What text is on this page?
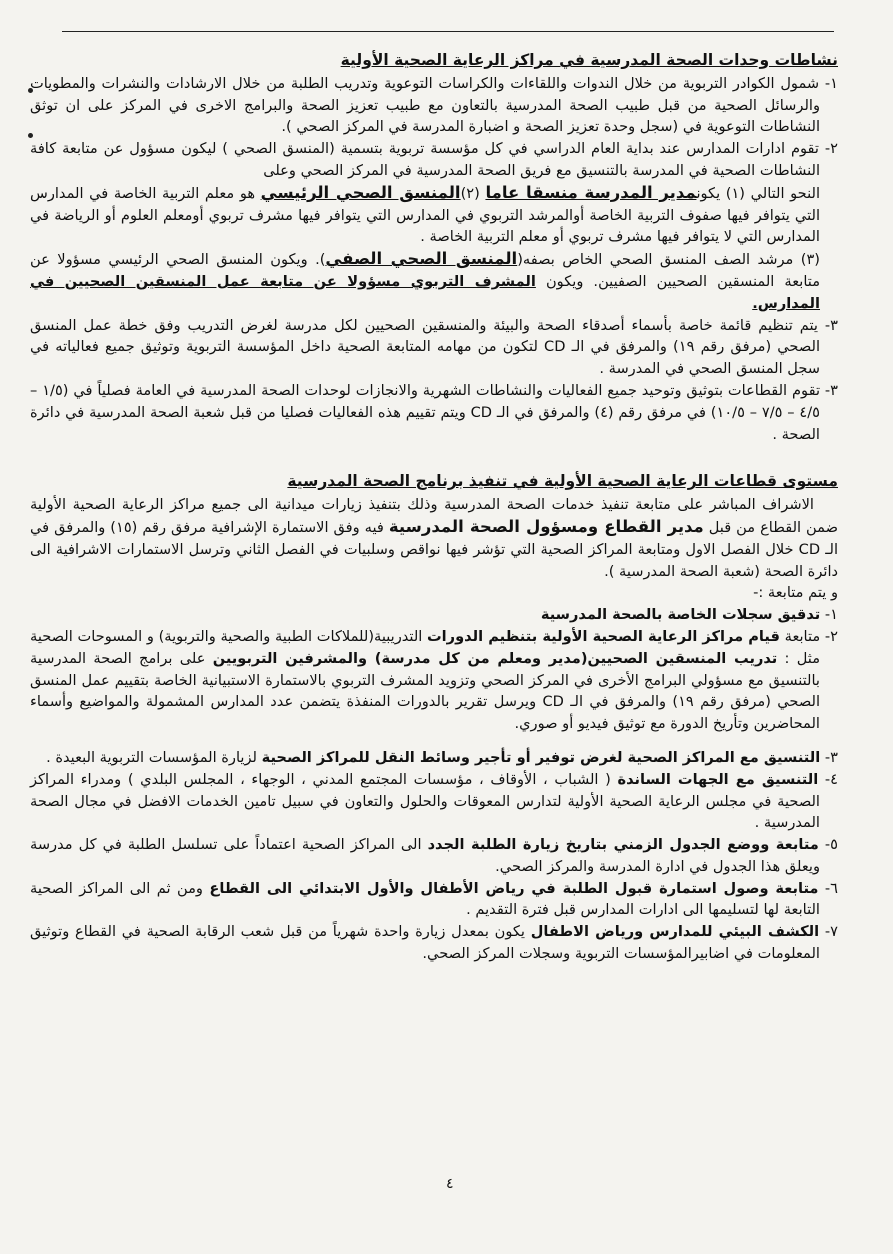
نشاطات وحدات الصحة المدرسية في مراكز الرعاية الصحية الأولية

١- شمول الكوادر التربوية من خلال الندوات واللقاءات والكراسات التوعوية وتدريب الطلبة من خلال الارشادات والنشرات والمطويات والرسائل الصحية من قبل طبيب الصحة المدرسية بالتعاون مع طبيب تعزيز الصحة والبرامج الاخرى في المركز على ان توثق النشاطات التوعوية في (سجل وحدة تعزيز الصحة و اضبارة المدرسة في المركز الصحي ).

٢- تقوم ادارات المدارس عند بداية العام الدراسي في كل مؤسسة تربوية بتسمية (المنسق الصحي ) ليكون مسؤول عن متابعة كافة النشاطات الصحية في المدرسة بالتنسيق مع فريق الصحة المدرسية في المركز الصحي وعلى

النحو التالي (١) يكونمدير المدرسة منسقا عاما (٢)المنسق الصحي الرئيسي هو معلم التربية الخاصة في المدارس التي يتوافر فيها صفوف التربية الخاصة أوالمرشد التربوي في المدارس التي يتوافر فيها مشرف تربوي أومعلم العلوم أو الرياضة في المدارس التي لا يتوافر فيها مشرف تربوي أو معلم التربية الخاصة .

(٣) مرشد الصف المنسق الصحي الخاص بصفه(المنسق الصحي الصفي). ويكون المنسق الصحي الرئيسي مسؤولا عن متابعة المنسقين الصحيين الصفيين. ويكون المشرف التربوي مسؤولا عن متابعة عمل المنسقين الصحيين في المدارس.

٣- يتم تنظيم قائمة خاصة بأسماء أصدقاء الصحة والبيئة والمنسقين الصحيين لكل مدرسة لغرض التدريب وفق خطة عمل المنسق الصحي (مرفق رقم ١٩) والمرفق في الـ CD لتكون من مهامه المتابعة الصحية داخل المؤسسة التربوية وتوثيق جميع فعالياته في سجل المنسق الصحي في المدرسة .

٣- تقوم القطاعات بتوثيق وتوحيد جميع الفعاليات والنشاطات الشهرية والانجازات لوحدات الصحة المدرسية في العامة فصلياً في (١/٥ – ٤/٥ – ٧/٥ – ١٠/٥) في مرفق رقم (٤) والمرفق في الـ CD ويتم تقييم هذه الفعاليات فصليا من قبل شعبة الصحة المدرسية في دائرة الصحة .

مستوى قطاعات الرعاية الصحية الأولية في تنفيذ برنامج الصحة المدرسية

الاشراف المباشر على متابعة تنفيذ خدمات الصحة المدرسية وذلك بتنفيذ زيارات ميدانية الى جميع مراكز الرعاية الصحية الأولية ضمن القطاع من قبل مدير القطاع ومسؤول الصحة المدرسية فيه وفق الاستمارة الإشرافية مرفق رقم (١٥) والمرفق في الـ CD خلال الفصل الاول ومتابعة المراكز الصحية التي تؤشر فيها نواقص وسلبيات في الفصل الثاني وترسل الاستمارات الاشرافية الى دائرة الصحة (شعبة الصحة المدرسية ).

و يتم متابعة :-

١- تدقيق سجلات الخاصة بالصحة المدرسية

٢- متابعة قيام مراكز الرعاية الصحية الأولية بتنظيم الدورات التدريبية(للملاكات الطبية والصحية والتربوية) و المسوحات الصحية مثل : تدريب المنسقين الصحيين(مدير ومعلم من كل مدرسة) والمشرفين التربويين على برامج الصحة المدرسية بالتنسيق مع مسؤولي البرامج الأخرى في المركز الصحي وتزويد المشرف التربوي بالاستمارة الاستبيانية الخاصة بتقييم عمل المنسق الصحي (مرفق رقم ١٩) والمرفق في الـ CD ويرسل تقرير بالدورات المنفذة يتضمن عدد المدارس المشمولة والمواضيع وأسماء المحاضرين وتأريخ الدورة مع توثيق فيديو أو صوري.

٣- التنسيق مع المراكز الصحية لغرض توفير أو تأجير وسائط النقل للمراكز الصحية لزيارة المؤسسات التربوية البعيدة .

٤- التنسيق مع الجهات الساندة ( الشباب ، الأوقاف ، مؤسسات المجتمع المدني ، الوجهاء ، المجلس البلدي ) ومدراء المراكز الصحية في مجلس الرعاية الصحية الأولية لتدارس المعوقات والحلول والتعاون في سبيل تامين الخدمات الافضل في مجال الصحة المدرسية .

٥- متابعة ووضع الجدول الزمني بتاريخ زيارة الطلبة الجدد الى المراكز الصحية اعتماداً على تسلسل الطلبة في كل مدرسة ويعلق هذا الجدول في ادارة المدرسة والمركز الصحي.

٦- متابعة وصول استمارة قبول الطلبة في رياض الأطفال والأول الابتدائي الى القطاع ومن ثم الى المراكز الصحية التابعة لها لتسليمها الى ادارات المدارس قبل فترة التقديم .

٧- الكشف البيئي للمدارس ورياض الاطفال يكون بمعدل زيارة واحدة شهرياً من قبل شعب الرقابة الصحية في القطاع وتوثيق المعلومات في اضابيرالمؤسسات التربوية وسجلات المركز الصحي.

٤
